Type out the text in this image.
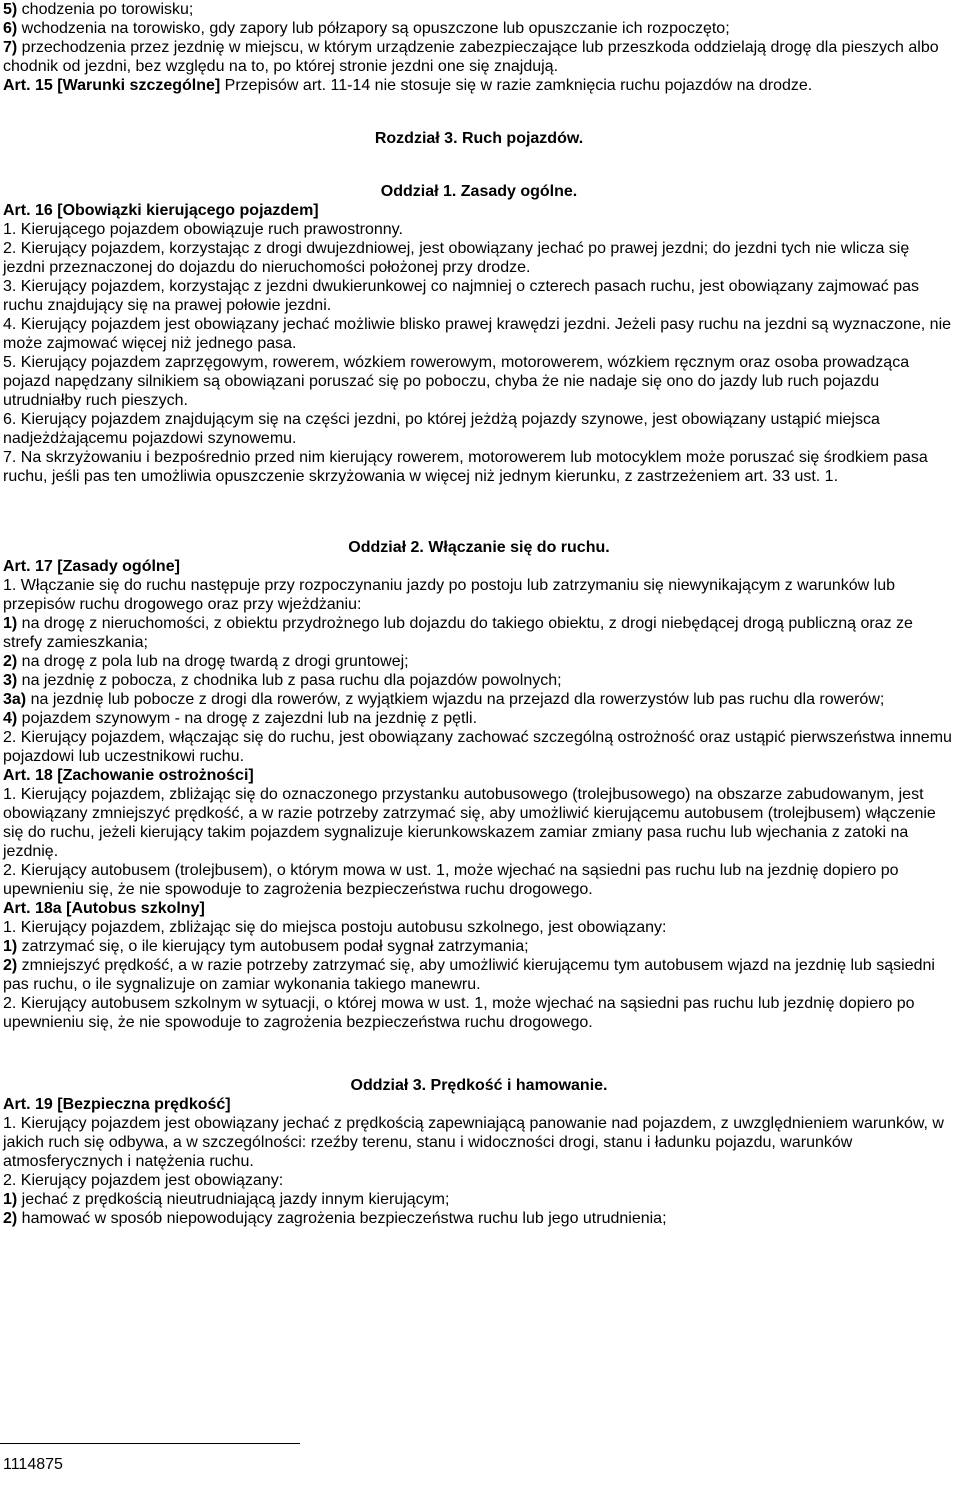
5) chodzenia po torowisku;
6) wchodzenia na torowisko, gdy zapory lub półzapory są opuszczone lub opuszczanie ich rozpoczęto;
7) przechodzenia przez jezdnię w miejscu, w którym urządzenie zabezpieczające lub przeszkoda oddzielają drogę dla pieszych albo chodnik od jezdni, bez względu na to, po której stronie jezdni one się znajdują.
Art. 15 [Warunki szczególne] Przepisów art. 11-14 nie stosuje się w razie zamknięcia ruchu pojazdów na drodze.
Rozdział 3. Ruch pojazdów.
Oddział 1. Zasady ogólne.
Art. 16 [Obowiązki kierującego pojazdem]
1. Kierującego pojazdem obowiązuje ruch prawostronny.
2. Kierujący pojazdem, korzystając z drogi dwujezdniowej, jest obowiązany jechać po prawej jezdni; do jezdni tych nie wlicza się jezdni przeznaczonej do dojazdu do nieruchomości położonej przy drodze.
3. Kierujący pojazdem, korzystając z jezdni dwukierunkowej co najmniej o czterech pasach ruchu, jest obowiązany zajmować pas ruchu znajdujący się na prawej połowie jezdni.
4. Kierujący pojazdem jest obowiązany jechać możliwie blisko prawej krawędzi jezdni. Jeżeli pasy ruchu na jezdni są wyznaczone, nie może zajmować więcej niż jednego pasa.
5. Kierujący pojazdem zaprzęgowym, rowerem, wózkiem rowerowym, motorowerem, wózkiem ręcznym oraz osoba prowadząca pojazd napędzany silnikiem są obowiązani poruszać się po poboczu, chyba że nie nadaje się ono do jazdy lub ruch pojazdu utrudniałby ruch pieszych.
6. Kierujący pojazdem znajdującym się na części jezdni, po której jeżdżą pojazdy szynowe, jest obowiązany ustąpić miejsca nadjeżdżającemu pojazdowi szynowemu.
7. Na skrzyżowaniu i bezpośrednio przed nim kierujący rowerem, motorowerem lub motocyklem może poruszać się środkiem pasa ruchu, jeśli pas ten umożliwia opuszczenie skrzyżowania w więcej niż jednym kierunku, z zastrzeżeniem art. 33 ust. 1.
Oddział 2. Włączanie się do ruchu.
Art. 17 [Zasady ogólne]
1. Włączanie się do ruchu następuje przy rozpoczynaniu jazdy po postoju lub zatrzymaniu się niewynikającym z warunków lub przepisów ruchu drogowego oraz przy wjeżdżaniu:
1) na drogę z nieruchomości, z obiektu przydrożnego lub dojazdu do takiego obiektu, z drogi niebędącej drogą publiczną oraz ze strefy zamieszkania;
2) na drogę z pola lub na drogę twardą z drogi gruntowej;
3) na jezdnię z pobocza, z chodnika lub z pasa ruchu dla pojazdów powolnych;
3a) na jezdnię lub pobocze z drogi dla rowerów, z wyjątkiem wjazdu na przejazd dla rowerzystów lub pas ruchu dla rowerów;
4) pojazdem szynowym - na drogę z zajezdni lub na jezdnię z pętli.
2. Kierujący pojazdem, włączając się do ruchu, jest obowiązany zachować szczególną ostrożność oraz ustąpić pierwszeństwa innemu pojazdowi lub uczestnikowi ruchu.
Art. 18 [Zachowanie ostrożności]
1. Kierujący pojazdem, zbliżając się do oznaczonego przystanku autobusowego (trolejbusowego) na obszarze zabudowanym, jest obowiązany zmniejszyć prędkość, a w razie potrzeby zatrzymać się, aby umożliwić kierującemu autobusem (trolejbusem) włączenie się do ruchu, jeżeli kierujący takim pojazdem sygnalizuje kierunkowskazem zamiar zmiany pasa ruchu lub wjechania z zatoki na jezdnię.
2. Kierujący autobusem (trolejbusem), o którym mowa w ust. 1, może wjechać na sąsiedni pas ruchu lub na jezdnię dopiero po upewnieniu się, że nie spowoduje to zagrożenia bezpieczeństwa ruchu drogowego.
Art. 18a [Autobus szkolny]
1. Kierujący pojazdem, zbliżając się do miejsca postoju autobusu szkolnego, jest obowiązany:
1) zatrzymać się, o ile kierujący tym autobusem podał sygnał zatrzymania;
2) zmniejszyć prędkość, a w razie potrzeby zatrzymać się, aby umożliwić kierującemu tym autobusem wjazd na jezdnię lub sąsiedni pas ruchu, o ile sygnalizuje on zamiar wykonania takiego manewru.
2. Kierujący autobusem szkolnym w sytuacji, o której mowa w ust. 1, może wjechać na sąsiedni pas ruchu lub jezdnię dopiero po upewnieniu się, że nie spowoduje to zagrożenia bezpieczeństwa ruchu drogowego.
Oddział 3. Prędkość i hamowanie.
Art. 19 [Bezpieczna prędkość]
1. Kierujący pojazdem jest obowiązany jechać z prędkością zapewniającą panowanie nad pojazdem, z uwzględnieniem warunków, w jakich ruch się odbywa, a w szczególności: rzeźby terenu, stanu i widoczności drogi, stanu i ładunku pojazdu, warunków atmosferycznych i natężenia ruchu.
2. Kierujący pojazdem jest obowiązany:
1) jechać z prędkością nieutrudniającą jazdy innym kierującym;
2) hamować w sposób niepowodujący zagrożenia bezpieczeństwa ruchu lub jego utrudnienia;
1114875
